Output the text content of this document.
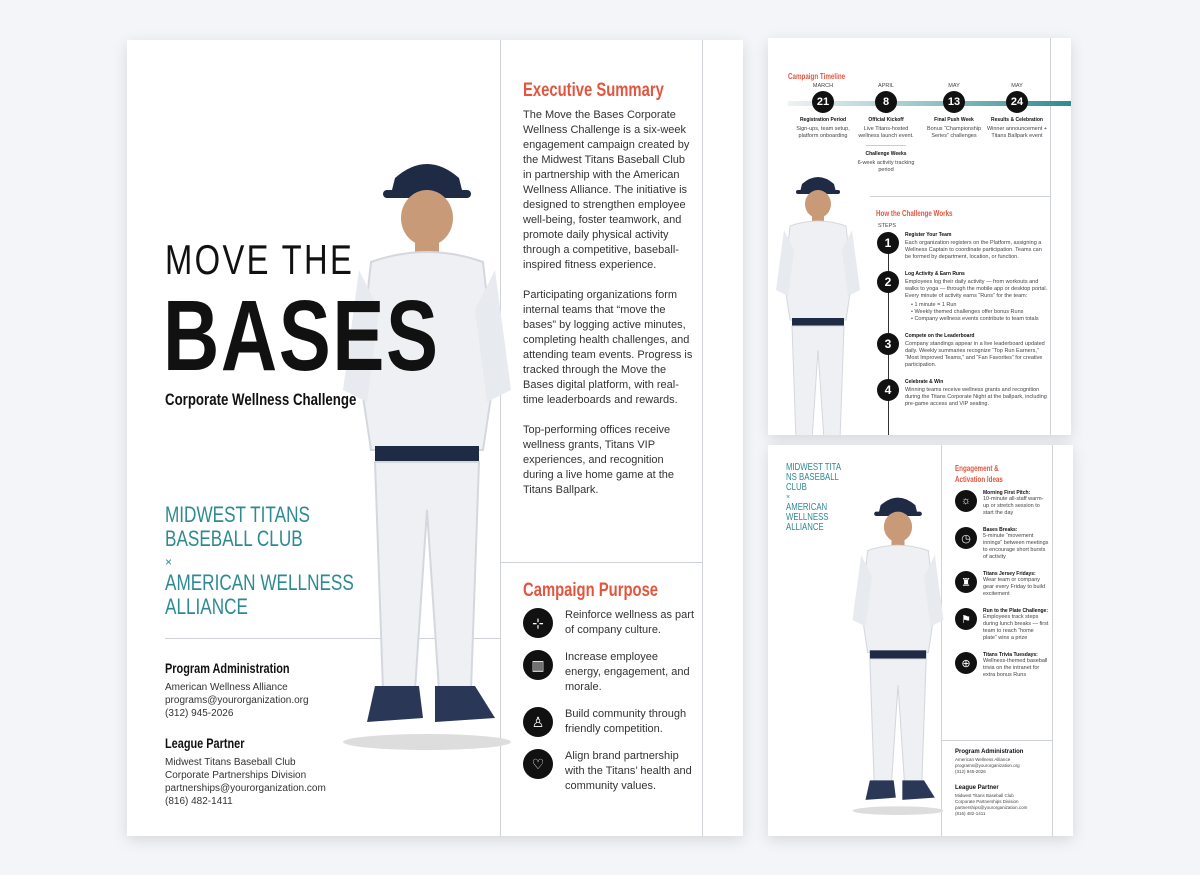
MOVE THE
BASES
Corporate Wellness Challenge
MIDWEST TITANS
BASEBALL CLUB
×
AMERICAN WELLNESS
ALLIANCE
Program Administration
American Wellness Alliance
programs@yourorganization.org
(312) 945-2026
League Partner
Midwest Titans Baseball Club
Corporate Partnerships Division
partnerships@yourorganization.com
(816) 482-1411
Executive Summary

The Move the Bases Corporate Wellness Challenge is a six-week engagement campaign created by the Midwest Titans Baseball Club in partnership with the American Wellness Alliance. The initiative is designed to strengthen employee well-being, foster teamwork, and promote daily physical activity through a competitive, baseball-inspired fitness experience.

Participating organizations form internal teams that “move the bases” by logging active minutes, completing health challenges, and attending team events. Progress is tracked through the Move the Bases digital platform, with real-time leaderboards and rewards.

Top-performing offices receive wellness grants, Titans VIP experiences, and recognition during a live home game at the Titans Ballpark.

Campaign Purpose
⊹	Reinforce wellness as part of company culture.
▥	Increase employee energy, engagement, and morale.
♙	Build community through friendly competition.
♡	Align brand partnership with the Titans’ health and community values.
Campaign Timeline
MARCH
21
Registration Period
Sign-ups, team setup, platform onboarding
APRIL
8
Official Kickoff
Live Titans-hosted wellness launch event.
Challenge Weeks
6-week activity tracking period
MAY
13
Final Push Week
Bonus “Championship Series” challenges
MAY
24
Results & Celebration
Winner announcement + Titans Ballpark event
How the Challenge Works
STEPS
1
Register Your Team
Each organization registers on the Platform, assigning a Wellness Captain to coordinate participation. Teams can be formed by department, location, or function.
2
Log Activity & Earn Runs
Employees log their daily activity — from workouts and walks to yoga — through the mobile app or desktop portal. Every minute of activity earns “Runs” for the team:
• 1 minute = 1 Run
• Weekly themed challenges offer bonus Runs
• Company wellness events contribute to team totals
3
Compete on the Leaderboard
Company standings appear in a live leaderboard updated daily. Weekly summaries recognize “Top Run Earners,” “Most Improved Teams,” and “Fan Favorites” for creative participation.
4
Celebrate & Win
Winning teams receive wellness grants and recognition during the Titans Corporate Night at the ballpark, including pre-game access and VIP seating.
MIDWEST TITA
NS BASEBALL
CLUB

×
AMERICAN
WELLNESS
ALLIANCE
Engagement &
Activation Ideas
☼
Morning First Pitch:
10-minute all-staff warm-up or stretch session to start the day
◷
Bases Breaks:
5-minute “movement innings” between meetings to encourage short bursts of activity
♜
Titans Jersey Fridays:
Wear team or company gear every Friday to build excitement
⚑
Run to the Plate Challenge:
Employees track steps during lunch breaks — first team to reach “home plate” wins a prize
⊕
Titans Trivia Tuesdays:
Wellness-themed baseball trivia on the intranet for extra bonus Runs
Program Administration
American Wellness Alliance
programs@yourorganization.org
(312) 945-2026
League Partner
Midwest Titans Baseball Club
Corporate Partnerships Division
partnerships@yourorganization.com
(816) 482-1411
